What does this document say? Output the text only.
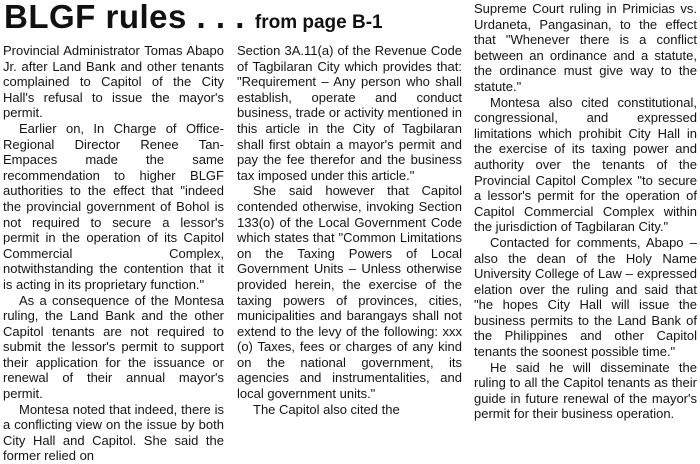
BLGF rules . . . from page B-1

Provincial Administrator Tomas Abapo Jr. after Land Bank and other tenants complained to Capitol of the City Hall's refusal to issue the mayor's permit.

Earlier on, In Charge of Office-Regional Director Renee Tan-Empaces made the same recommendation to higher BLGF authorities to the effect that "indeed the provincial government of Bohol is not required to secure a lessor's permit in the operation of its Capitol Commercial Complex, notwithstanding the contention that it is acting in its proprietary function."

As a consequence of the Montesa ruling, the Land Bank and the other Capitol tenants are not required to submit the lessor's permit to support their application for the issuance or renewal of their annual mayor's permit.

Montesa noted that indeed, there is a conflicting view on the issue by both City Hall and Capitol. She said the former relied on

Section 3A.11(a) of the Revenue Code of Tagbilaran City which provides that: "Requirement – Any person who shall establish, operate and conduct business, trade or activity mentioned in this article in the City of Tagbilaran shall first obtain a mayor's permit and pay the fee therefor and the business tax imposed under this article."

She said however that Capitol contended otherwise, invoking Section 133(o) of the Local Government Code which states that "Common Limitations on the Taxing Powers of Local Government Units – Unless otherwise provided herein, the exercise of the taxing powers of provinces, cities, municipalities and barangays shall not extend to the levy of the following: xxx (o) Taxes, fees or charges of any kind on the national government, its agencies and instrumentalities, and local government units."

The Capitol also cited the

Supreme Court ruling in Primicias vs. Urdaneta, Pangasinan, to the effect that "Whenever there is a conflict between an ordinance and a statute, the ordinance must give way to the statute."

Montesa also cited constitutional, congressional, and expressed limitations which prohibit City Hall in the exercise of its taxing power and authority over the tenants of the Provincial Capitol Complex "to secure a lessor's permit for the operation of Capitol Commercial Complex within the jurisdiction of Tagbilaran City."

Contacted for comments, Abapo – also the dean of the Holy Name University College of Law – expressed elation over the ruling and said that "he hopes City Hall will issue the business permits to the Land Bank of the Philippines and other Capitol tenants the soonest possible time."

He said he will disseminate the ruling to all the Capitol tenants as their guide in future renewal of the mayor's permit for their business operation.
